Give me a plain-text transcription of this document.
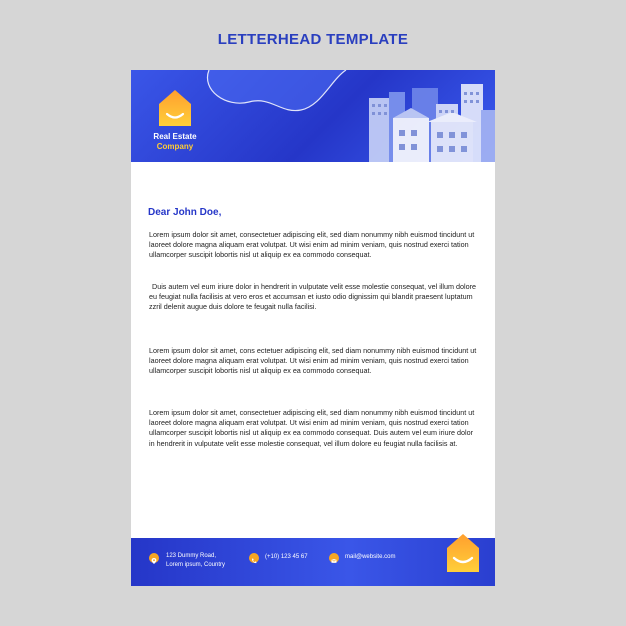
LETTERHEAD TEMPLATE
Real Estate
Company
Dear John Doe,
Lorem ipsum dolor sit amet, consectetuer adipiscing elit, sed diam nonummy nibh euismod tincidunt ut laoreet dolore magna aliquam erat volutpat. Ut wisi enim ad minim veniam, quis nostrud exerci tation ullamcorper suscipit lobortis nisl ut aliquip ex ea commodo consequat.
Duis autem vel eum iriure dolor in hendrerit in vulputate velit esse molestie consequat, vel illum dolore eu feugiat nulla facilisis at vero eros et accumsan et iusto odio dignissim qui blandit praesent luptatum zzril delenit augue duis dolore te feugait nulla facilisi.
Lorem ipsum dolor sit amet, cons ectetuer adipiscing elit, sed diam nonummy nibh euismod tincidunt ut laoreet dolore magna aliquam erat volutpat. Ut wisi enim ad minim veniam, quis nostrud exerci tation ullamcorper suscipit lobortis nisl ut aliquip ex ea commodo consequat.
Lorem ipsum dolor sit amet, consectetuer adipiscing elit, sed diam nonummy nibh euismod tincidunt ut laoreet dolore magna aliquam erat volutpat. Ut wisi enim ad minim veniam, quis nostrud exerci tation ullamcorper suscipit lobortis nisl ut aliquip ex ea commodo consequat. Duis autem vel eum iriure dolor in hendrerit in vulputate velit esse molestie consequat, vel illum dolore eu feugiat nulla facilisis at.
123 Dummy Road,
Lorem ipsum, Country
(+10) 123 45 67	mail@website.com
